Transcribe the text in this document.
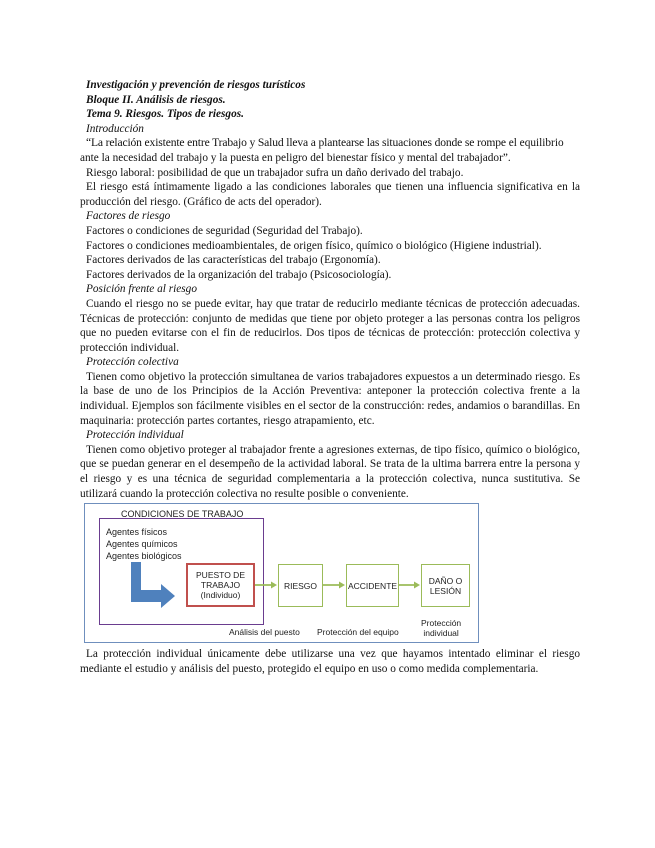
Investigación y prevención de riesgos turísticos

Bloque II. Análisis de riesgos.

Tema 9. Riesgos. Tipos de riesgos.

Introducción

“La relación existente entre Trabajo y Salud lleva a plantearse las situaciones donde se rompe el equilibrio ante la necesidad del trabajo y la puesta en peligro del bienestar físico y mental del trabajador”.

Riesgo laboral: posibilidad de que un trabajador sufra un daño derivado del trabajo.

El riesgo está íntimamente ligado a las condiciones laborales que tienen una influencia significativa en la producción del riesgo. (Gráfico de acts del operador).

Factores de riesgo

Factores o condiciones de seguridad (Seguridad del Trabajo).

Factores o condiciones medioambientales, de origen físico, químico o biológico (Higiene industrial).

Factores derivados de las características del trabajo (Ergonomía).

Factores derivados de la organización del trabajo (Psicosociología).

Posición frente al riesgo

Cuando el riesgo no se puede evitar, hay que tratar de reducirlo mediante técnicas de protección adecuadas. Técnicas de protección: conjunto de medidas que tiene por objeto proteger a las personas contra los peligros que no pueden evitarse con el fin de reducirlos. Dos tipos de técnicas de protección: protección colectiva y protección individual.

Protección colectiva

Tienen como objetivo la protección simultanea de varios trabajadores expuestos a un determinado riesgo. Es la base de uno de los Principios de la Acción Preventiva: anteponer la protección colectiva frente a la individual. Ejemplos son fácilmente visibles en el sector de la construcción: redes, andamios o barandillas. En maquinaria: protección partes cortantes, riesgo atrapamiento, etc.

Protección individual

Tienen como objetivo proteger al trabajador frente a agresiones externas, de tipo físico, químico o biológico, que se puedan generar en el desempeño de la actividad laboral. Se trata de la ultima barrera entre la persona y el riesgo y es una técnica de seguridad complementaria a la protección colectiva, nunca sustitutiva. Se utilizará cuando la protección colectiva no resulte posible o conveniente.

CONDICIONES DE TRABAJO
Agentes físicos
Agentes químicos
Agentes biológicos
PUESTO DE
TRABAJO
(Individuo)
RIESGO	ACCIDENTE	DAÑO O
LESIÓN
Análisis del puesto Protección del equipo
Protección
individual

La protección individual únicamente debe utilizarse una vez que hayamos intentado eliminar el riesgo mediante el estudio y análisis del puesto, protegido el equipo en uso o como medida complementaria.
